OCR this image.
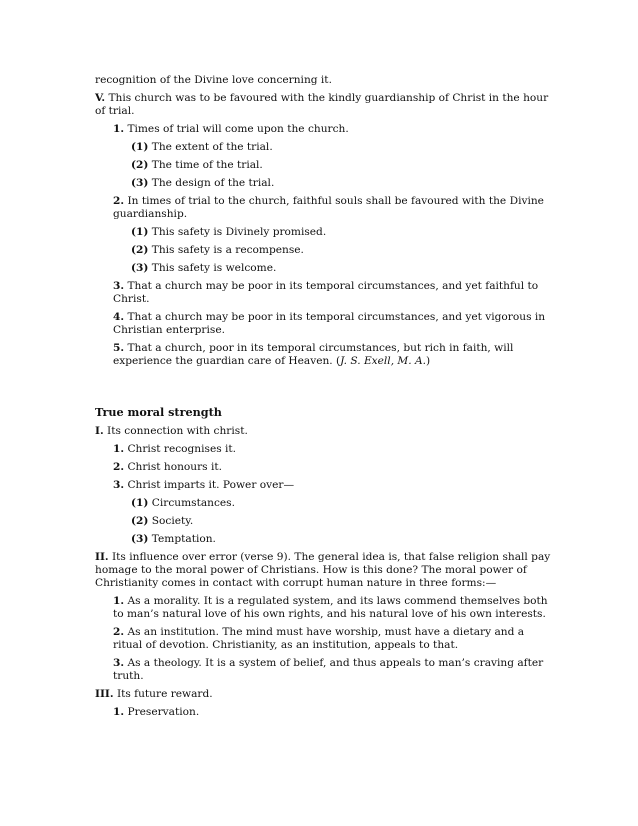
recognition of the Divine love concerning it.

V. This church was to be favoured with the kindly guardianship of Christ in the hour of trial.

1. Times of trial will come upon the church.

(1) The extent of the trial.

(2) The time of the trial.

(3) The design of the trial.

2. In times of trial to the church, faithful souls shall be favoured with the Divine guardianship.

(1) This safety is Divinely promised.

(2) This safety is a recompense.

(3) This safety is welcome.

3. That a church may be poor in its temporal circumstances, and yet faithful to Christ.

4. That a church may be poor in its temporal circumstances, and yet vigorous in Christian enterprise.

5. That a church, poor in its temporal circumstances, but rich in faith, will experience the guardian care of Heaven. (J. S. Exell, M. A.)

True moral strength

I. Its connection with christ.

1. Christ recognises it.

2. Christ honours it.

3. Christ imparts it. Power over—

(1) Circumstances.

(2) Society.

(3) Temptation.

II. Its influence over error (verse 9). The general idea is, that false religion shall pay homage to the moral power of Christians. How is this done? The moral power of Christianity comes in contact with corrupt human nature in three forms:—

1. As a morality. It is a regulated system, and its laws commend themselves both to man’s natural love of his own rights, and his natural love of his own interests.

2. As an institution. The mind must have worship, must have a dietary and a ritual of devotion. Christianity, as an institution, appeals to that.

3. As a theology. It is a system of belief, and thus appeals to man’s craving after truth.

III. Its future reward.

1. Preservation.
